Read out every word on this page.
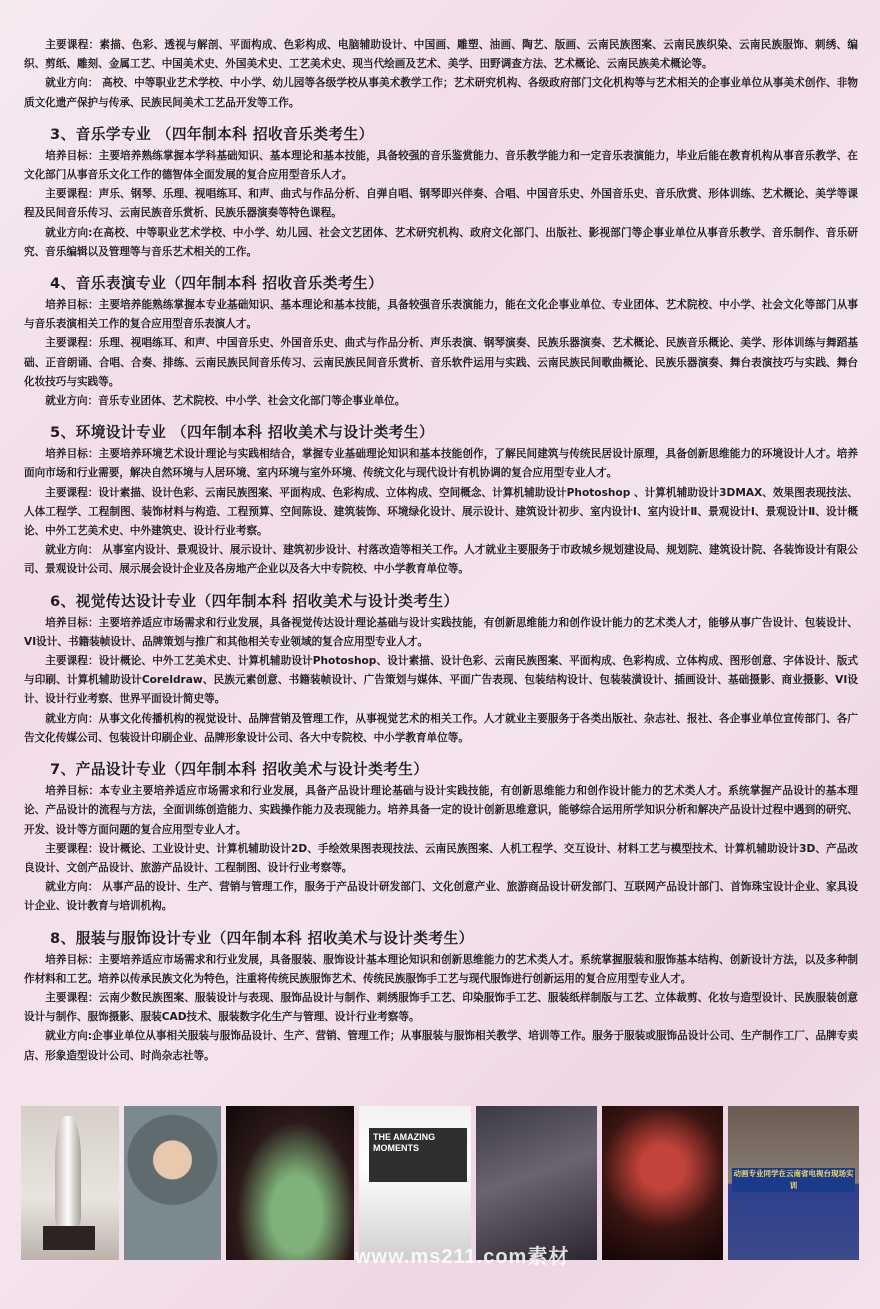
主要课程：素描、色彩、透视与解剖、平面构成、色彩构成、电脑辅助设计、中国画、雕塑、油画、陶艺、版画、云南民族图案、云南民族织染、云南民族服饰、刺绣、编织、剪纸、雕刻、金属工艺、中国美术史、外国美术史、工艺美术史、现当代绘画及艺术、美学、田野调查方法、艺术概论、云南民族美术概论等。

就业方向： 高校、中等职业艺术学校、中小学、幼儿园等各级学校从事美术教学工作；艺术研究机构、各级政府部门文化机构等与艺术相关的企事业单位从事美术创作、非物质文化遗产保护与传承、民族民间美术工艺品开发等工作。

3、音乐学专业 （四年制本科 招收音乐类考生）

培养目标：主要培养熟练掌握本学科基础知识、基本理论和基本技能，具备较强的音乐鉴赏能力、音乐教学能力和一定音乐表演能力，毕业后能在教育机构从事音乐教学、在文化部门从事音乐文化工作的德智体全面发展的复合应用型音乐人才。

主要课程：声乐、钢琴、乐理、视唱练耳、和声、曲式与作品分析、自弹自唱、钢琴即兴伴奏、合唱、中国音乐史、外国音乐史、音乐欣赏、形体训练、艺术概论、美学等课程及民间音乐传习、云南民族音乐赏析、民族乐器演奏等特色课程。

就业方向:在高校、中等职业艺术学校、中小学、幼儿园、社会文艺团体、艺术研究机构、政府文化部门、出版社、影视部门等企事业单位从事音乐教学、音乐制作、音乐研究、音乐编辑以及管理等与音乐艺术相关的工作。

4、音乐表演专业（四年制本科 招收音乐类考生）

培养目标：主要培养能熟练掌握本专业基础知识、基本理论和基本技能，具备较强音乐表演能力，能在文化企事业单位、专业团体、艺术院校、中小学、社会文化等部门从事与音乐表演相关工作的复合应用型音乐表演人才。

主要课程：乐理、视唱练耳、和声、中国音乐史、外国音乐史、曲式与作品分析、声乐表演、钢琴演奏、民族乐器演奏、艺术概论、民族音乐概论、美学、形体训练与舞蹈基础、正音朗诵、合唱、合奏、排练、云南民族民间音乐传习、云南民族民间音乐赏析、音乐软件运用与实践、云南民族民间歌曲概论、民族乐器演奏、舞台表演技巧与实践、舞台化妆技巧与实践等。

就业方向：音乐专业团体、艺术院校、中小学、社会文化部门等企事业单位。

5、环境设计专业 （四年制本科 招收美术与设计类考生）

培养目标：主要培养环境艺术设计理论与实践相结合，掌握专业基础理论知识和基本技能创作，了解民间建筑与传统民居设计原理，具备创新思维能力的环境设计人才。培养面向市场和行业需要，解决自然环境与人居环境、室内环境与室外环境、传统文化与现代设计有机协调的复合应用型专业人才。

主要课程：设计素描、设计色彩、云南民族图案、平面构成、色彩构成、立体构成、空间概念、计算机辅助设计Photoshop 、计算机辅助设计3DMAX、效果图表现技法、人体工程学、工程制图、装饰材料与构造、工程预算、空间陈设、建筑装饰、环境绿化设计、展示设计、建筑设计初步、室内设计Ⅰ、室内设计Ⅱ、景观设计Ⅰ、景观设计Ⅱ、设计概论、中外工艺美术史、中外建筑史、设计行业考察。

就业方向： 从事室内设计、景观设计、展示设计、建筑初步设计、村落改造等相关工作。人才就业主要服务于市政城乡规划建设局、规划院、建筑设计院、各装饰设计有限公司、景观设计公司、展示展会设计企业及各房地产企业以及各大中专院校、中小学教育单位等。

6、视觉传达设计专业（四年制本科 招收美术与设计类考生）

培养目标：主要培养适应市场需求和行业发展，具备视觉传达设计理论基础与设计实践技能，有创新思维能力和创作设计能力的艺术类人才，能够从事广告设计、包装设计、VI设计、书籍装帧设计、品牌策划与推广和其他相关专业领域的复合应用型专业人才。

主要课程：设计概论、中外工艺美术史、计算机辅助设计Photoshop、设计素描、设计色彩、云南民族图案、平面构成、色彩构成、立体构成、图形创意、字体设计、版式与印刷、计算机辅助设计Coreldraw、民族元素创意、书籍装帧设计、广告策划与媒体、平面广告表现、包装结构设计、包装装潢设计、插画设计、基础摄影、商业摄影、VI设计、设计行业考察、世界平面设计简史等。

就业方向：从事文化传播机构的视觉设计、品牌营销及管理工作，从事视觉艺术的相关工作。人才就业主要服务于各类出版社、杂志社、报社、各企事业单位宣传部门、各广告文化传媒公司、包装设计印刷企业、品牌形象设计公司、各大中专院校、中小学教育单位等。

7、产品设计专业（四年制本科 招收美术与设计类考生）

培养目标：本专业主要培养适应市场需求和行业发展，具备产品设计理论基础与设计实践技能，有创新思维能力和创作设计能力的艺术类人才。系统掌握产品设计的基本理论、产品设计的流程与方法，全面训练创造能力、实践操作能力及表现能力。培养具备一定的设计创新思维意识，能够综合运用所学知识分析和解决产品设计过程中遇到的研究、开发、设计等方面问题的复合应用型专业人才。

主要课程：设计概论、工业设计史、计算机辅助设计2D、手绘效果图表现技法、云南民族图案、人机工程学、交互设计、材料工艺与模型技术、计算机辅助设计3D、产品改良设计、文创产品设计、旅游产品设计、工程制图、设计行业考察等。

就业方向： 从事产品的设计、生产、营销与管理工作，服务于产品设计研发部门、文化创意产业、旅游商品设计研发部门、互联网产品设计部门、首饰珠宝设计企业、家具设计企业、设计教育与培训机构。

8、服装与服饰设计专业（四年制本科 招收美术与设计类考生）

培养目标：主要培养适应市场需求和行业发展，具备服装、服饰设计基本理论知识和创新思维能力的艺术类人才。系统掌握服装和服饰基本结构、创新设计方法，以及多种制作材料和工艺。培养以传承民族文化为特色，注重将传统民族服饰艺术、传统民族服饰手工艺与现代服饰进行创新运用的复合应用型专业人才。

主要课程：云南少数民族图案、服装设计与表现、服饰品设计与制作、刺绣服饰手工艺、印染服饰手工艺、服装纸样制版与工艺、立体裁剪、化妆与造型设计、民族服装创意设计与制作、服饰摄影、服装CAD技术、服装数字化生产与管理、设计行业考察等。

就业方向:企事业单位从事相关服装与服饰品设计、生产、营销、管理工作；从事服装与服饰相关教学、培训等工作。服务于服装或服饰品设计公司、生产制作工厂、品牌专卖店、形象造型设计公司、时尚杂志社等。

THE AMAZING MOMENTS
动画专业同学在云南省电视台现场实训
www.ms211.com素材
